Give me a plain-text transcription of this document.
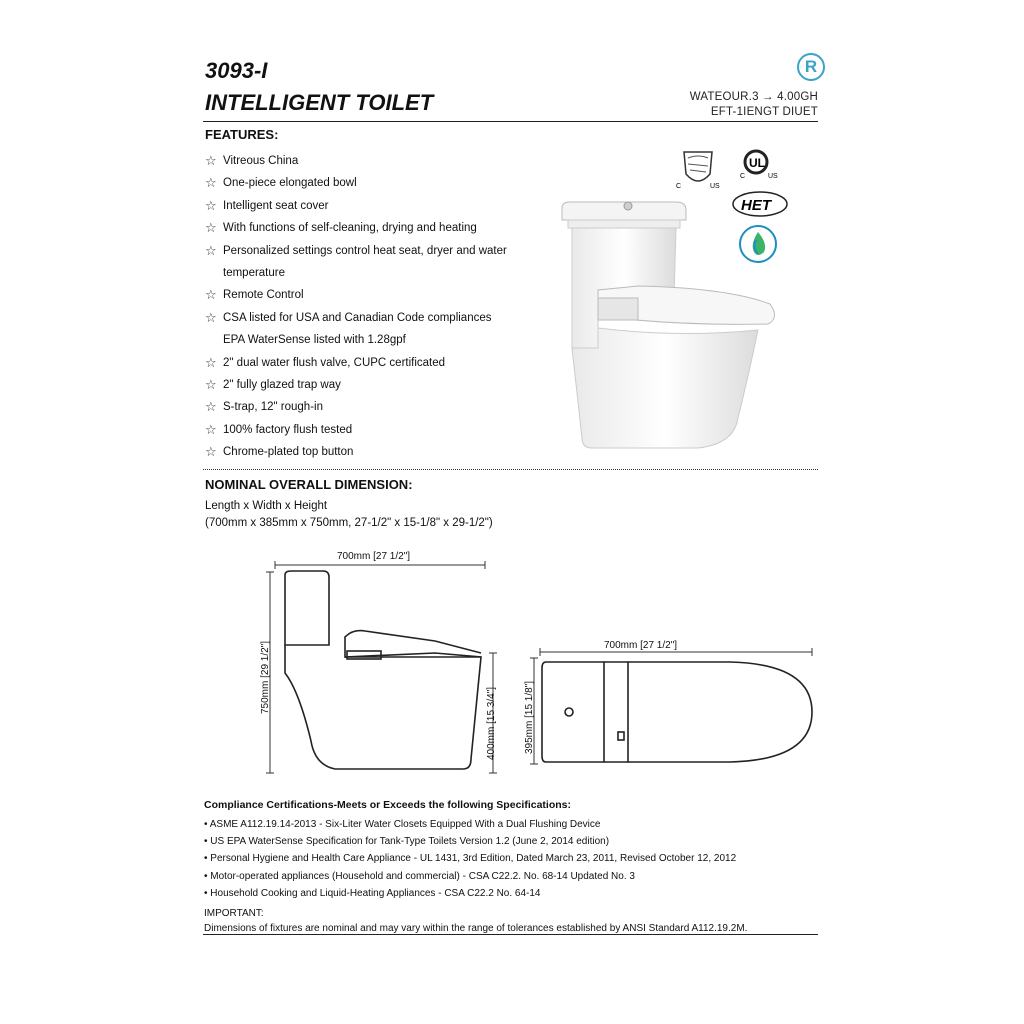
3093-I
INTELLIGENT TOILET
R
WATEOUR.3 → 4.00GH
EFT-1IENGT DIUET
FEATURES:
☆ Vitreous China
☆ One-piece elongated bowl
☆ Intelligent seat cover
☆ With functions of self-cleaning, drying and heating
☆ Personalized settings control heat seat, dryer and water
temperature
☆ Remote Control
☆ CSA listed for USA and Canadian Code compliances
EPA WaterSense listed with 1.28gpf
☆ 2" dual water flush valve, CUPC certificated
☆ 2" fully glazed trap way
☆ S-trap, 12" rough-in
☆ 100% factory flush tested
☆ Chrome-plated top button
C	US
UL
C	US
HET
NOMINAL OVERALL DIMENSION:
Length x Width x Height
(700mm x 385mm x 750mm, 27-1/2" x 15-1/8" x 29-1/2")
700mm [27 1/2"]
750mm [29 1/2"]
400mm [15 3/4"]
700mm [27 1/2"]
395mm [15 1/8"]
Compliance Certifications-Meets or Exceeds the following Specifications:
• ASME A112.19.14-2013 - Six-Liter Water Closets Equipped With a Dual Flushing Device
• US EPA WaterSense Specification for Tank-Type Toilets Version 1.2 (June 2, 2014 edition)
• Personal Hygiene and Health Care Appliance - UL 1431, 3rd Edition, Dated March 23, 2011, Revised October 12, 2012
• Motor-operated appliances (Household and commercial) - CSA C22.2. No. 68-14 Updated No. 3
• Household Cooking and Liquid-Heating Appliances - CSA C22.2 No. 64-14
IMPORTANT:
Dimensions of fixtures are nominal and may vary within the range of tolerances established by ANSI Standard A112.19.2M.
